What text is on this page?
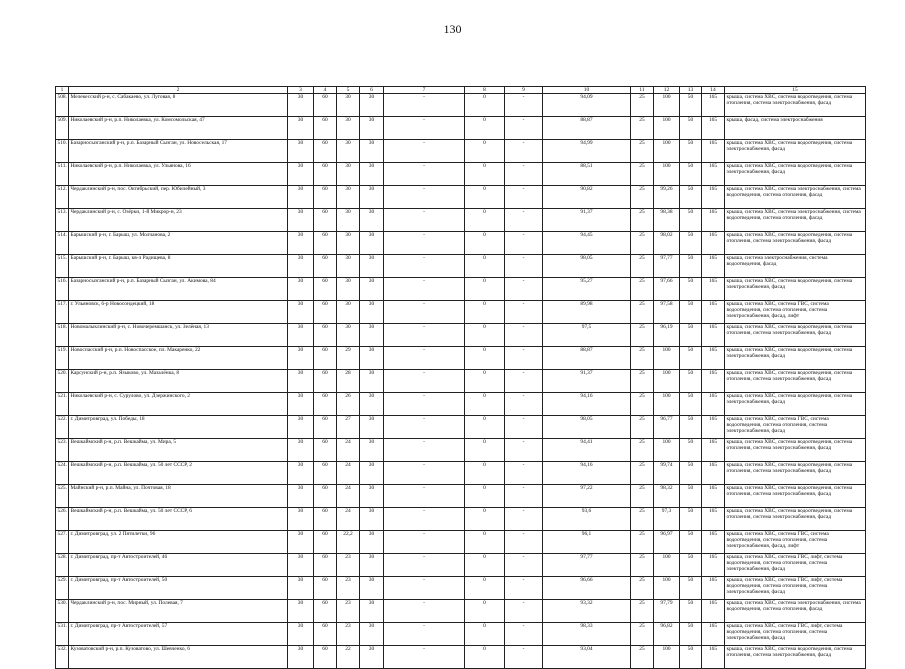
130
1	2	3	4	5	6	7	8	9	10	11	12	13	14	15
508.	Мелекесский р-н, с. Сабакаево, ул. Луговая, 8	30	60	30	30	-	0	-	94,09	25	100	50	165	крыша, система ХВС, система водоотведения, система отопления, система электроснабжения, фасад
509.	Николаевский р-н, р.п. Николаевка, ул. Комсомольская, 47	30	60	30	30	-	0	-	88,87	25	100	50	165	крыша, фасад, система электроснабжения
510.	Базарносызганский р-н, р.п. Базарный Сызган, ул. Новосельская, 17	30	60	30	30	-	0	-	94,99	25	100	50	165	крыша, система ХВС, система водоотведения, система электроснабжения, фасад
511.	Николаевский р-н, р.п. Николаевка, ул. Ульянова, 16	30	60	30	30	-	0	-	88,51	25	100	50	165	крыша, система ХВС, система водоотведения, система электроснабжения, фасад
512.	Чердаклинский р-н, пос. Октябрьский, пер. Юбилейный, 3	30	60	30	30	-	0	-	90,82	25	99,26	50	165	крыша, система ХВС, система электроснабжения, система водоотведения, система отопления, фасад
513.	Чердаклинский р-н, с. Озёрки, 1-й Микрор-н, 23	30	60	30	30	-	0	-	91,37	25	98,38	50	165	крыша, система ХВС, система электроснабжения, система водоотведения, система отопления, фасад
514.	Барышский р-н, г. Барыш, ул. Молчанова, 2	30	60	30	30	-	0	-	94,45	25	98,02	50	165	крыша, система ХВС, система водоотведения, система отопления, система электроснабжения, фасад
515.	Барышский р-н, г. Барыш, кв-л Радищева, 8	30	60	30	30	-	0	-	98,05	25	97,77	50	165	крыша, система электроснабжения, система водоотведения, фасад
516.	Базарносызганский р-н, р.п. Базарный Сызган, ул. Акимова, 84	30	60	30	30	-	0	-	95,27	25	97,66	50	165	крыша, система ХВС, система водоотведения, система электроснабжения, фасад
517.	г. Ульяновск, 6-р Новосондецкий, 18	30	60	30	30	-	0	-	89,98	25	97,58	50	165	крыша, система ХВС, система ГВС, система водоотведения, система отопления, система электроснабжения, фасад, лифт
518.	Новомалыклинский р-н, с. Новочеремшанск, ул. Зелёная, 13	30	60	30	30	-	0	-	97,5	25	96,19	50	165	крыша, система ХВС, система водоотведения, система отопления, система электроснабжения, фасад
519.	Новоспасский р-н, р.п. Новоспасское, пл. Макаренко, 22	30	60	29	30	-	0	-	88,87	25	100	50	165	крыша, система ХВС, система водоотведения, система электроснабжения, фасад
520.	Карсунский р-н, р.п. Языково, ул. Мазалёнка, 8	30	60	28	30	-	0	-	91,37	25	100	50	165	крыша, система ХВС, система водоотведения, система отопления, система электроснабжения, фасад
521.	Николаевский р-н, с. Сурулово, ул. Дзержинского, 2	30	60	26	30	-	0	-	94,16	25	100	50	165	крыша, система ХВС, система водоотведения, система электроснабжения, фасад
522.	г. Димитровград, ул. Победы, 18	30	60	27	30	-	0	-	98,05	25	96,77	50	165	крыша, система ХВС, система ГВС, система водоотведения, система отопления, система электроснабжения, фасад
523.	Вешкаймский р-н, р.п. Вешкайма, ул. Мира, 5	30	60	24	30	-	0	-	94,41	25	100	50	165	крыша, система ХВС, система водоотведения, система отопления, система электроснабжения, фасад
524.	Вешкаймский р-н, р.п. Вешкайма, ул. 50 лет СССР, 2	30	60	24	30	-	0	-	94,16	25	99,74	50	165	крыша, система ХВС, система водоотведения, система отопления, система электроснабжения, фасад
525.	Майнский р-н, р.п. Майна, ул. Почтовая, 18	30	60	24	30	-	0	-	97,22	25	98,32	50	165	крыша, система ХВС, система водоотведения, система отопления, система электроснабжения, фасад
526.	Вешкаймский р-н, р.п. Вешкайма, ул. 50 лет СССР, 6	30	60	24	30	-	0	-	93,6	25	97,3	50	165	крыша, система ХВС, система водоотведения, система отопления, система электроснабжения, фасад
527.	г. Димитровград, ул. 2 Пятилетки, 96	30	60	22,2	30	-	0	-	96,1	25	96,97	50	165	крыша, система ХВС, система ГВС, система водоотведения, система отопления, система электроснабжения, фасад, лифт
528.	г. Димитровград, пр-т Автостроителей, 46	30	60	23	30	-	0	-	97,77	25	100	50	165	крыша, система ХВС, система ГВС, лифт, система водоотведения, система отопления, система электроснабжения, фасад
529.	г. Димитровград, пр-т Автостроителей, 50	30	60	23	30	-	0	-	96,66	25	100	50	165	крыша, система ХВС, система ГВС, лифт, система водоотведения, система отопления, система электроснабжения, фасад
530.	Чердаклинский р-н, пос. Мирный, ул. Полевая, 7	30	60	23	30	-	0	-	93,32	25	97,79	50	165	крыша, система ХВС, система электроснабжения, система водоотведения, система отопления, фасад
531.	г. Димитровград, пр-т Автостроителей, 57	30	60	23	30	-	0	-	98,33	25	96,82	50	165	крыша, система ХВС, система ГВС, лифт, система водоотведения, система отопления, система электроснабжения, фасад
532.	Кузоватовский р-н, р.п. Кузоватово, ул. Шевченко, 6	30	60	22	30	-	0	-	93,04	25	100	50	165	крыша, система ХВС, система водоотведения, система отопления, система электроснабжения, фасад
